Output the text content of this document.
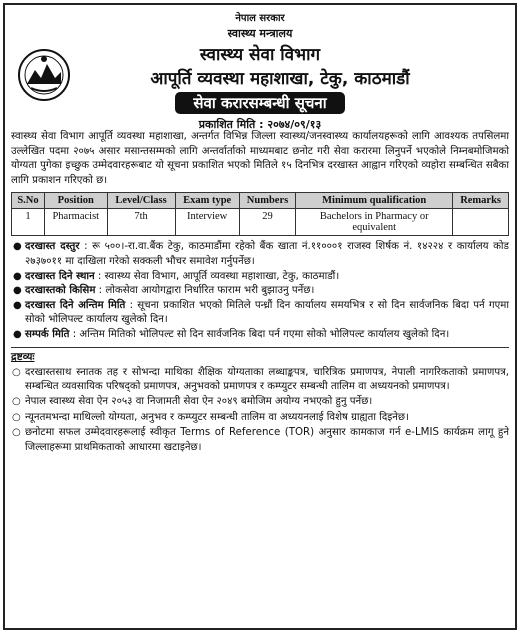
नेपाल सरकार
स्वास्थ्य मन्त्रालय
स्वास्थ्य सेवा विभाग
आपूर्ति व्यवस्था महाशाखा, टेकु, काठमाडौं
सेवा करारसम्बन्धी सूचना
प्रकाशित मिति : २०७४/०९/१३
स्वास्थ्य सेवा विभाग आपूर्ति व्यवस्था महाशाखा, अन्तर्गत विभिन्न जिल्ला स्वास्थ्य/जनस्वास्थ्य कार्यालयहरूको लागि आवश्यक तपसिलमा उल्लेखित पदमा २०७५ असार मसान्तसम्मको लागि अन्तर्वार्ताको माध्यमबाट छनोट गरी सेवा करारमा लिनुपर्ने भएकोले निम्नबमोजिमको योग्यता पुगेका इच्छुक उम्मेदवारहरूबाट यो सूचना प्रकाशित भएको मितिले १५ दिनभित्र दरखास्त आह्वान गरिएको व्यहोरा सम्बन्धित सबैका लागि प्रकाशन गरिएको छ।
S.No	Position	Level/Class	Exam type	Numbers	Minimum qualification	Remarks
1	Pharmacist	7th	Interview	29	Bachelors in Pharmacy or equivalent	
● दरखास्त दस्तुर : रू ५००।-रा.वा.बैंक टेकु, काठमाडौंमा रहेको बैंक खाता नं.११०००१ राजस्व शिर्षक नं. १४२२४ र कार्यालय कोड २७३७०११ मा दाखिला गरेको सक्कली भौचर समावेश गर्नुपर्नेछ।
● दरखास्त दिने स्थान : स्वास्थ्य सेवा विभाग, आपूर्ति व्यवस्था महाशाखा, टेकु, काठमाडौं।
● दरखास्तको किसिम : लोकसेवा आयोगद्वारा निर्धारित फाराम भरी बुझाउनु पर्नेछ।
● दरखास्त दिने अन्तिम मिति : सूचना प्रकाशित भएको मितिले पन्ध्रौं दिन कार्यालय समयभित्र र सो दिन सार्वजनिक बिदा पर्न गएमा सोको भोलिपल्ट कार्यालय खुलेको दिन।
● सम्पर्क मिति : अन्तिम मितिको भोलिपल्ट सो दिन सार्वजनिक बिदा पर्न गएमा सोको भोलिपल्ट कार्यालय खुलेको दिन।
द्रष्टव्यः
○ दरखास्तसाथ स्नातक तह र सोभन्दा माथिका शैक्षिक योग्यताका लब्धाङ्कपत्र, चारित्रिक प्रमाणपत्र, नेपाली नागरिकताको प्रमाणपत्र, सम्बन्धित व्यवसायिक परिषद्को प्रमाणपत्र, अनुभवको प्रमाणपत्र र कम्प्युटर सम्बन्धी तालिम वा अध्ययनको प्रमाणपत्र।
○ नेपाल स्वास्थ्य सेवा ऐन २०५३ वा निजामती सेवा ऐन २०४९ बमोजिम अयोग्य नभएको हुनु पर्नेछ।
○ न्यूनतमभन्दा माथिल्लो योग्यता, अनुभव र कम्प्युटर सम्बन्धी तालिम वा अध्ययनलाई विशेष ग्राह्यता दिइनेछ।
○ छनोटमा सफल उम्मेदवारहरूलाई स्वीकृत Terms of Reference (TOR) अनुसार कामकाज गर्न e-LMIS कार्यक्रम लागू हुने जिल्लाहरूमा प्राथमिकताको आधारमा खटाइनेछ।
